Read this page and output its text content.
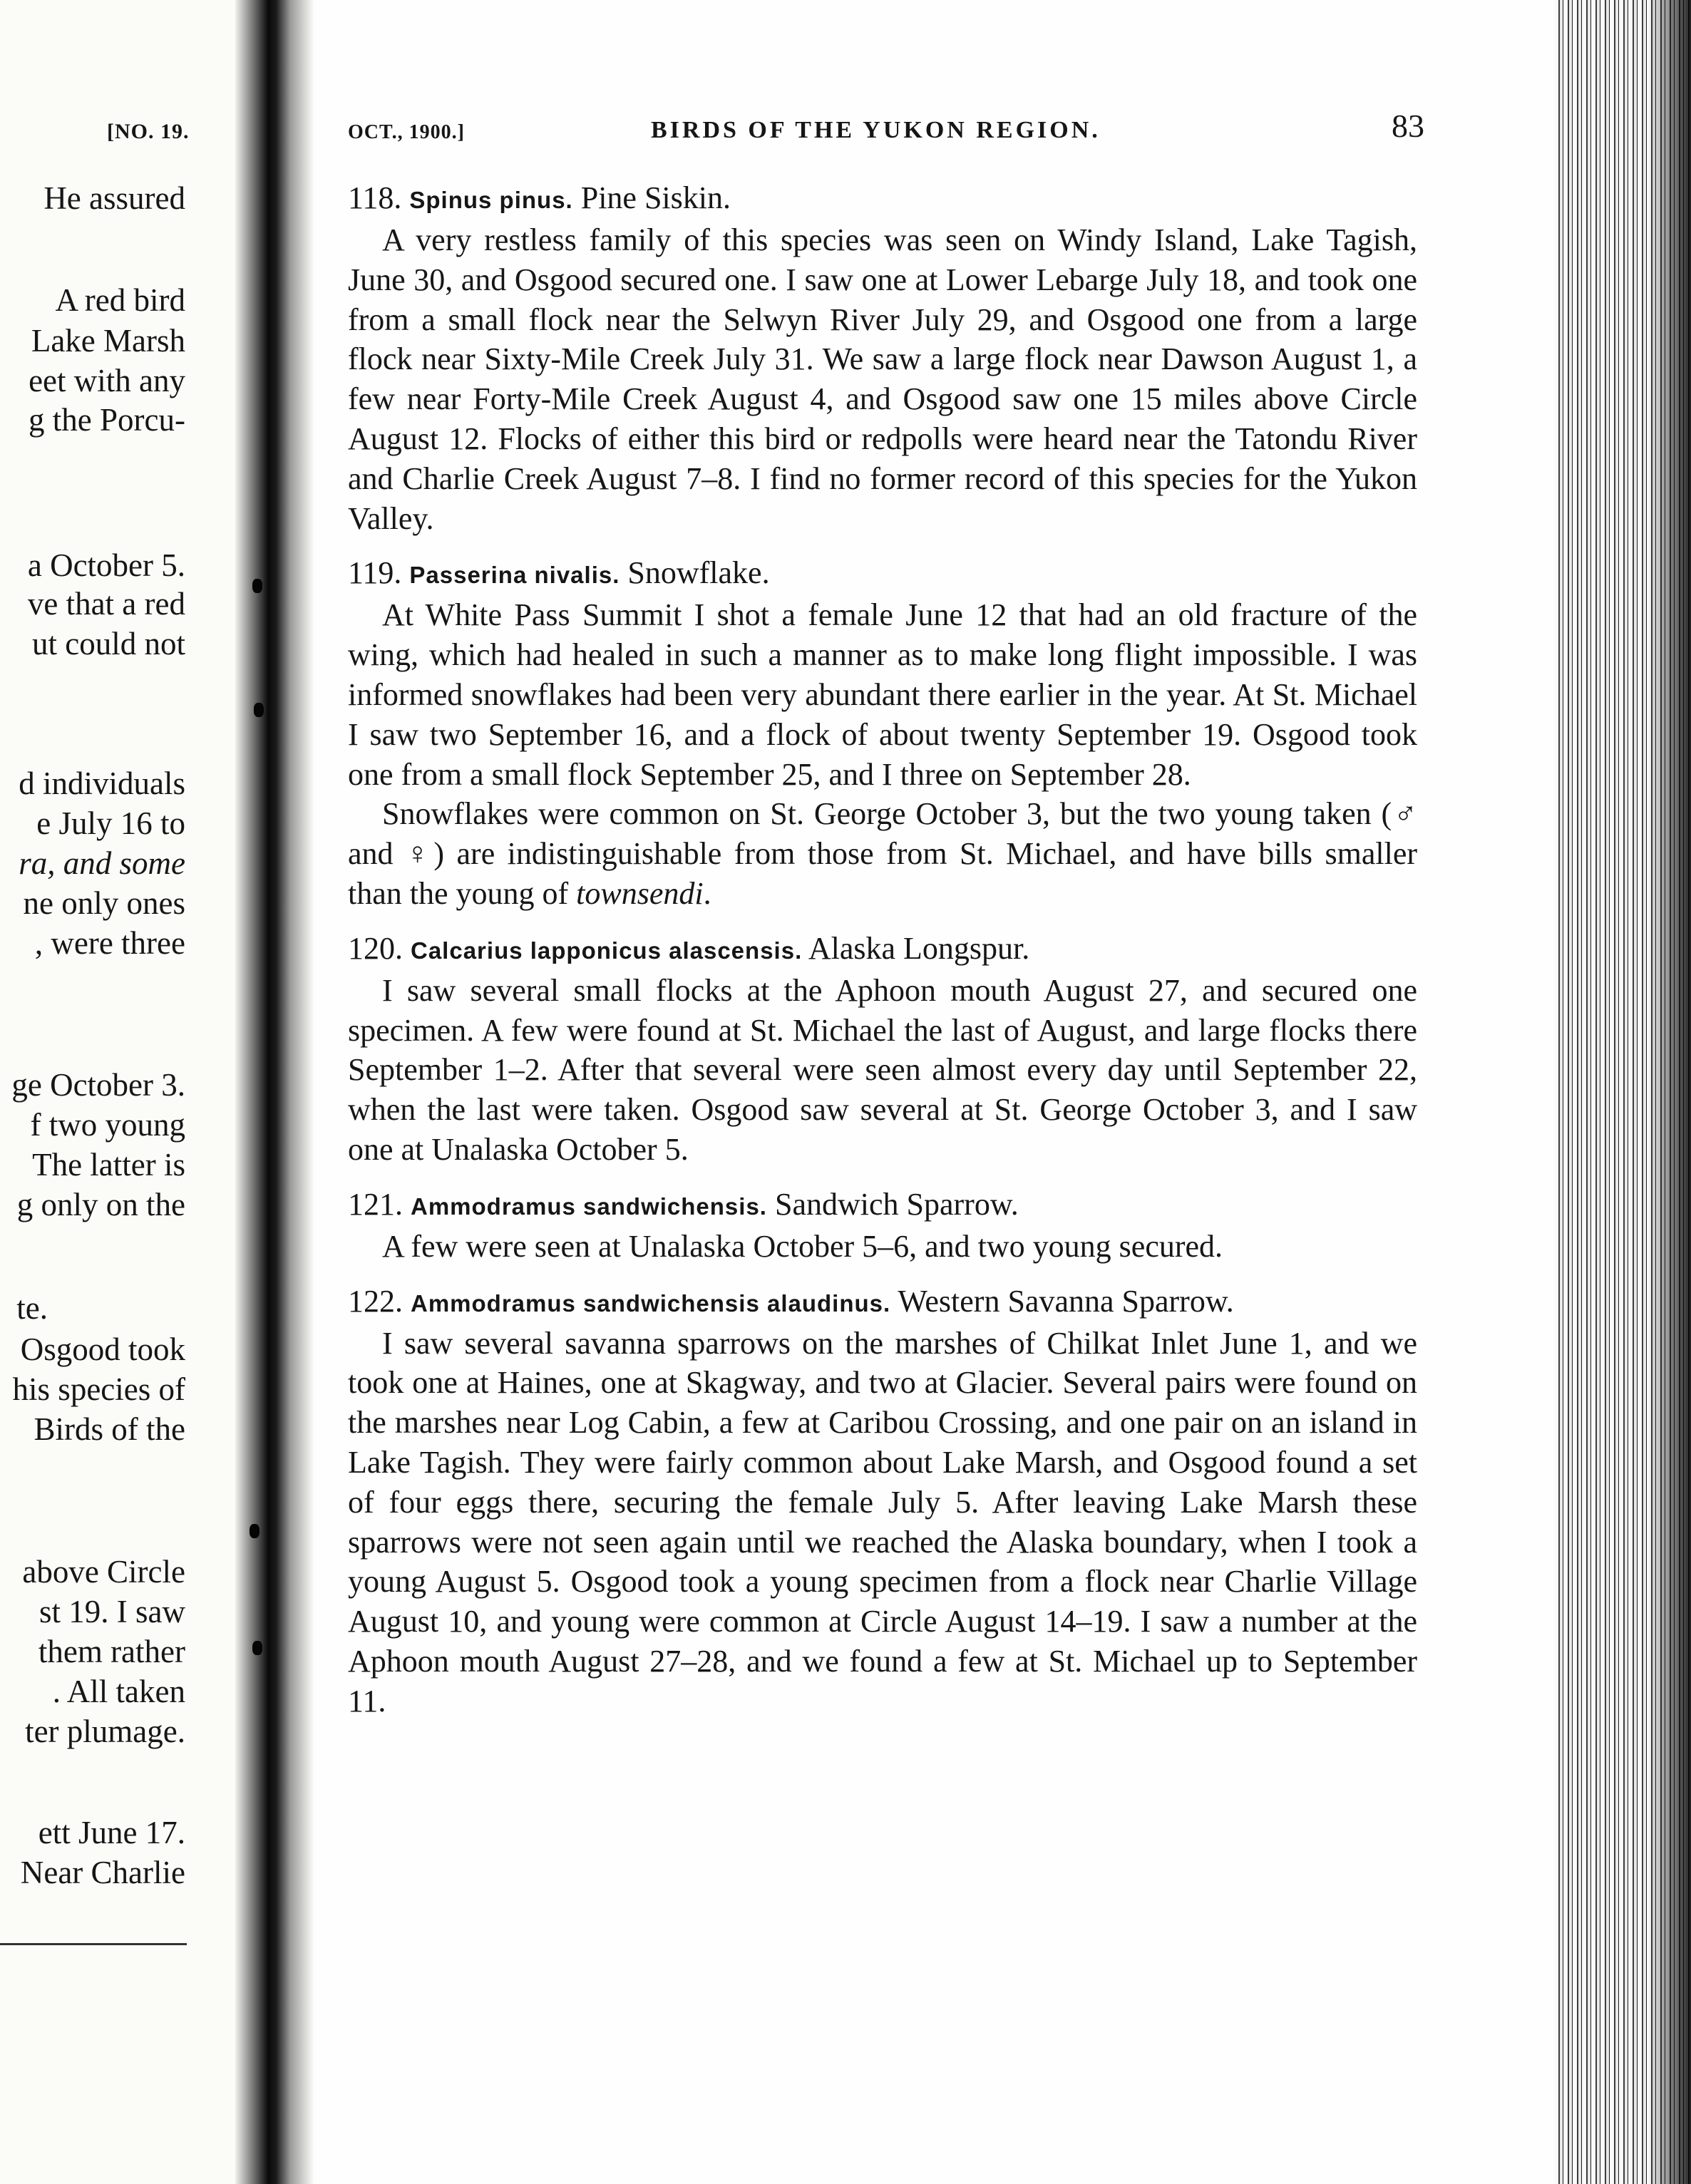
[NO. 19.
He assured
A red bird
Lake Marsh
eet with any
g the Porcu-
a October 5.
ve that a red
ut could not
d individuals
e July 16 to
ra, and some
ne only ones
, were three
ge October 3.
f two young
The latter is
g only on the
te.
Osgood took
his species of
Birds of the
above Circle
st 19. I saw
them rather
. All taken
ter plumage.
ett June 17.
Near Charlie
OCT., 1900.]	BIRDS OF THE YUKON REGION.	83

118. Spinus pinus. Pine Siskin.

A very restless family of this species was seen on Windy Island, Lake Tagish, June 30, and Osgood secured one. I saw one at Lower Lebarge July 18, and took one from a small flock near the Selwyn River July 29, and Osgood one from a large flock near Sixty-Mile Creek July 31. We saw a large flock near Dawson August 1, a few near Forty-Mile Creek August 4, and Osgood saw one 15 miles above Circle August 12. Flocks of either this bird or redpolls were heard near the Tatondu River and Charlie Creek August 7–8. I find no former record of this species for the Yukon Valley.

119. Passerina nivalis. Snowflake.

At White Pass Summit I shot a female June 12 that had an old fracture of the wing, which had healed in such a manner as to make long flight impossible. I was informed snowflakes had been very abundant there earlier in the year. At St. Michael I saw two September 16, and a flock of about twenty September 19. Osgood took one from a small flock September 25, and I three on September 28.

Snowflakes were common on St. George October 3, but the two young taken (♂ and ♀) are indistinguishable from those from St. Michael, and have bills smaller than the young of townsendi.

120. Calcarius lapponicus alascensis. Alaska Longspur.

I saw several small flocks at the Aphoon mouth August 27, and secured one specimen. A few were found at St. Michael the last of August, and large flocks there September 1–2. After that several were seen almost every day until September 22, when the last were taken. Osgood saw several at St. George October 3, and I saw one at Unalaska October 5.

121. Ammodramus sandwichensis. Sandwich Sparrow.

A few were seen at Unalaska October 5–6, and two young secured.

122. Ammodramus sandwichensis alaudinus. Western Savanna Sparrow.

I saw several savanna sparrows on the marshes of Chilkat Inlet June 1, and we took one at Haines, one at Skagway, and two at Glacier. Several pairs were found on the marshes near Log Cabin, a few at Caribou Crossing, and one pair on an island in Lake Tagish. They were fairly common about Lake Marsh, and Osgood found a set of four eggs there, securing the female July 5. After leaving Lake Marsh these sparrows were not seen again until we reached the Alaska boundary, when I took a young August 5. Osgood took a young specimen from a flock near Charlie Village August 10, and young were common at Circle August 14–19. I saw a number at the Aphoon mouth August 27–28, and we found a few at St. Michael up to September 11.
